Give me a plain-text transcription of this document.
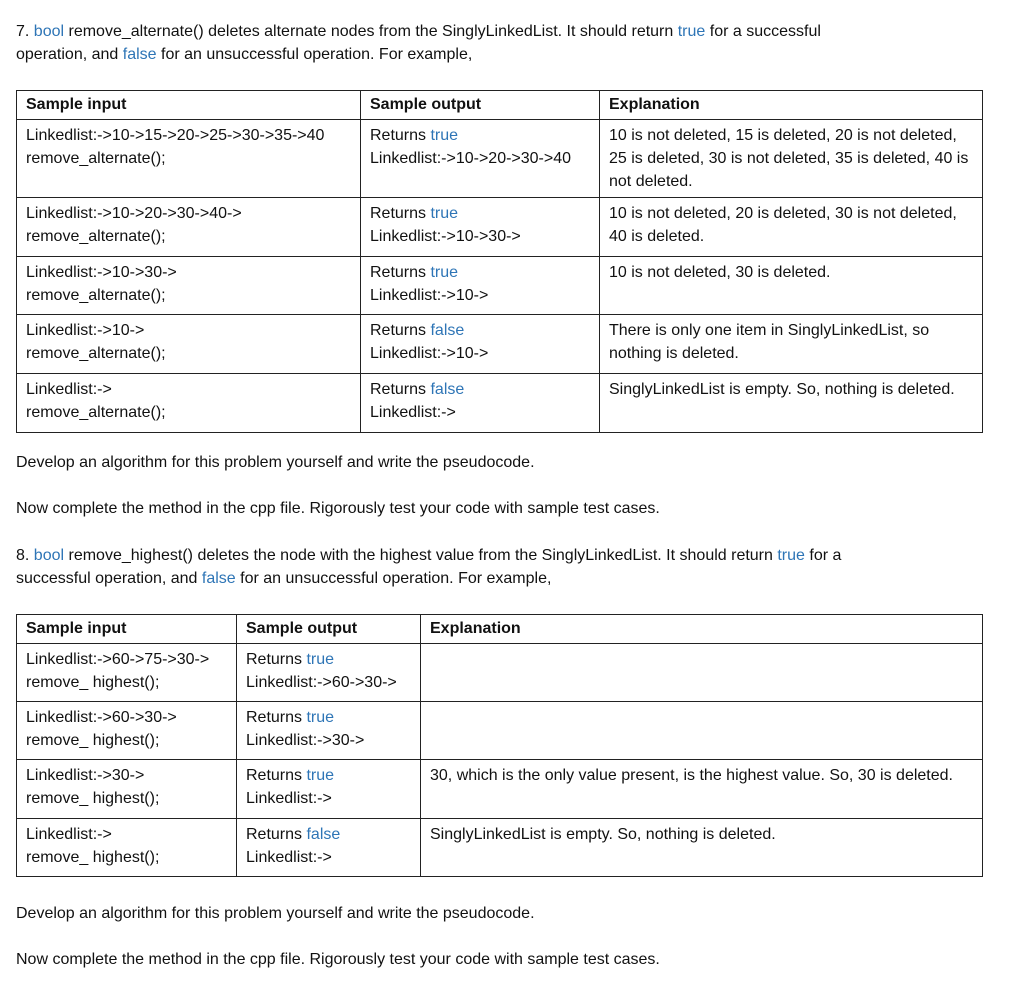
7. bool remove_alternate() deletes alternate nodes from the SinglyLinkedList. It should return true for a successful

operation, and false for an unsuccessful operation. For example,

Sample input	Sample output	Explanation

Linkedlist:->10->15->20->25->30->35->40
remove_alternate();	Returns true
Linkedlist:->10->20->30->40	10 is not deleted, 15 is deleted, 20 is not deleted, 25 is deleted, 30 is not deleted, 35 is deleted, 40 is not deleted.

Linkedlist:->10->20->30->40->
remove_alternate();	Returns true
Linkedlist:->10->30->	10 is not deleted, 20 is deleted, 30 is not deleted, 40 is deleted.

Linkedlist:->10->30->
remove_alternate();	Returns true
Linkedlist:->10->	10 is not deleted, 30 is deleted.

Linkedlist:->10->
remove_alternate();	Returns false
Linkedlist:->10->	There is only one item in SinglyLinkedList, so nothing is deleted.

Linkedlist:->
remove_alternate();	Returns false
Linkedlist:->	SinglyLinkedList is empty. So, nothing is deleted.

Develop an algorithm for this problem yourself and write the pseudocode.

Now complete the method in the cpp file. Rigorously test your code with sample test cases.

8. bool remove_highest() deletes the node with the highest value from the SinglyLinkedList. It should return true for a

successful operation, and false for an unsuccessful operation. For example,

Sample input	Sample output	Explanation

Linkedlist:->60->75->30->
remove_ highest();	Returns true
Linkedlist:->60->30->	

Linkedlist:->60->30->
remove_ highest();	Returns true
Linkedlist:->30->	

Linkedlist:->30->
remove_ highest();	Returns true
Linkedlist:->	30, which is the only value present, is the highest value. So, 30 is deleted.

Linkedlist:->
remove_ highest();	Returns false
Linkedlist:->	SinglyLinkedList is empty. So, nothing is deleted.

Develop an algorithm for this problem yourself and write the pseudocode.

Now complete the method in the cpp file. Rigorously test your code with sample test cases.
